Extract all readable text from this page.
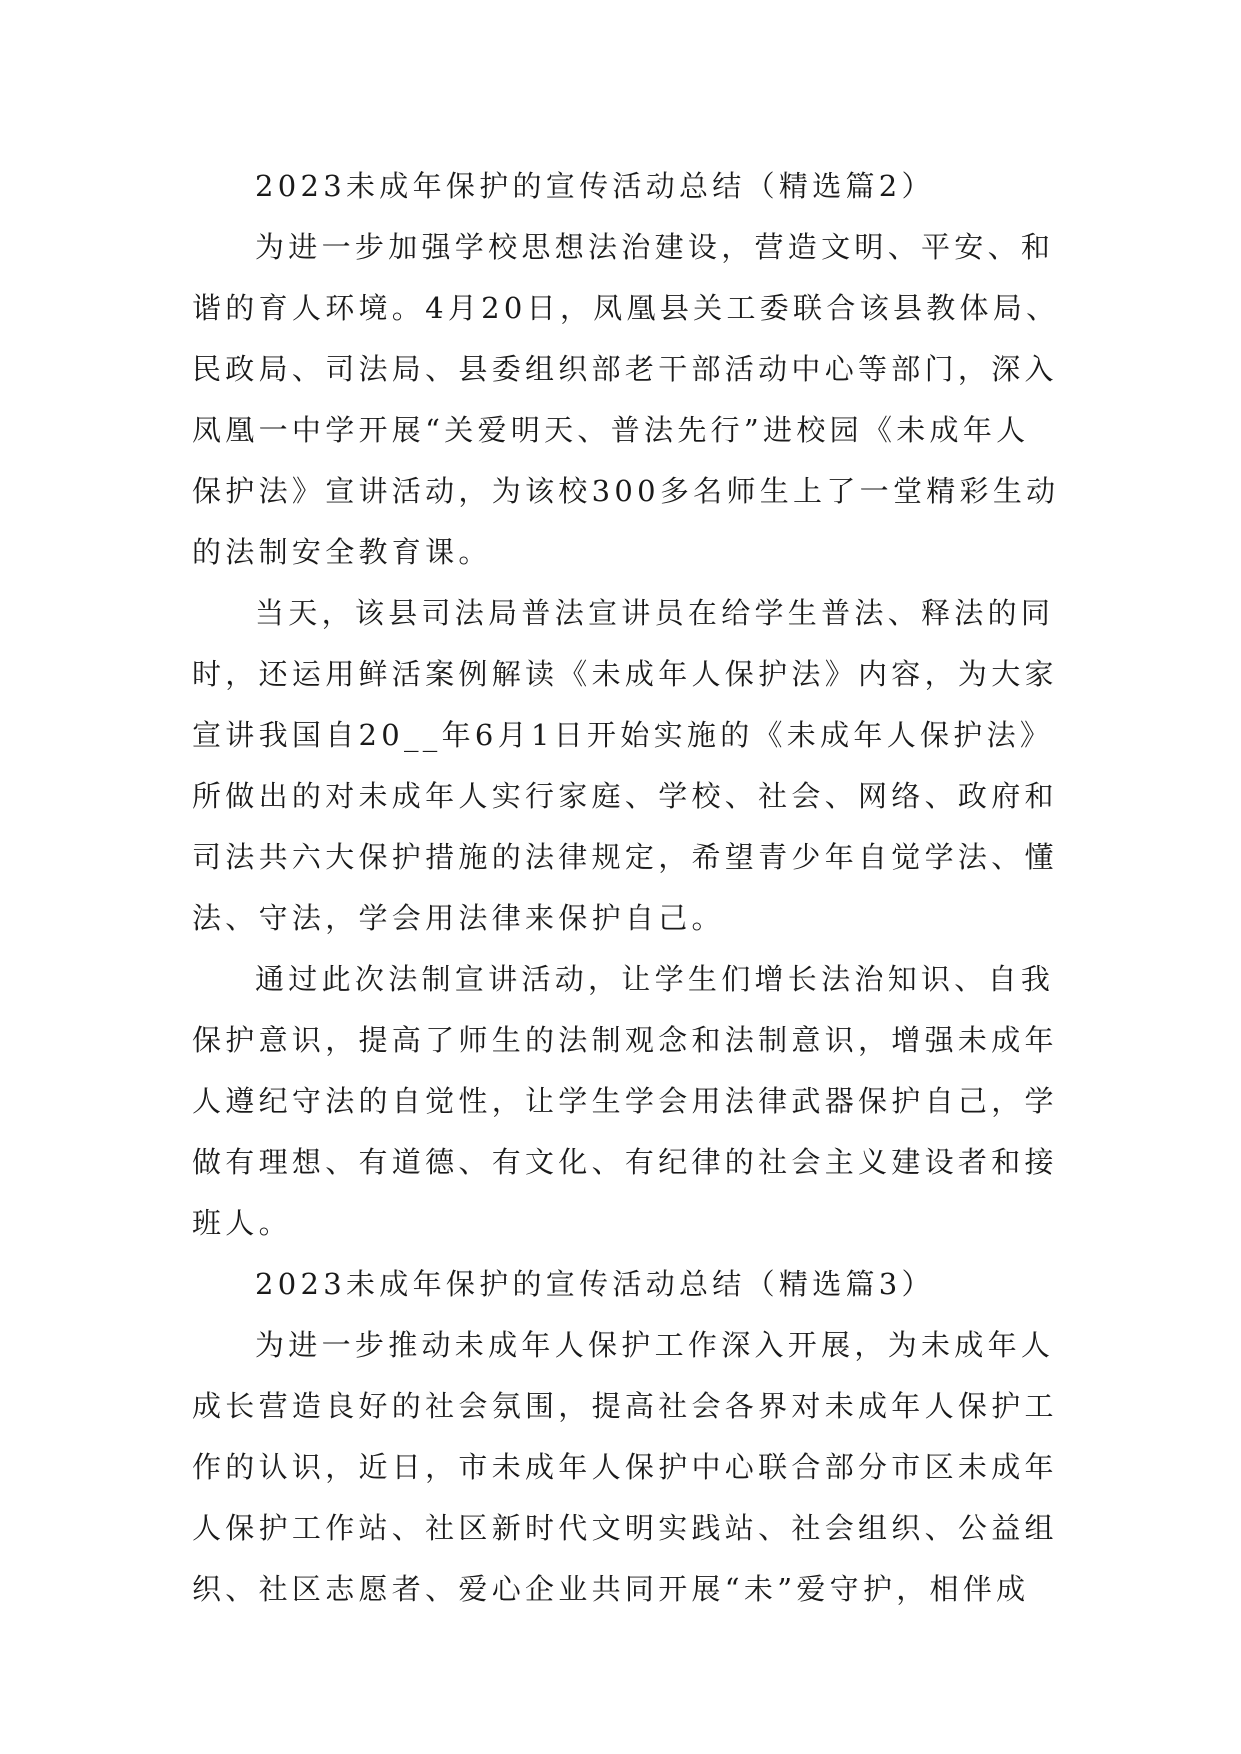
2023未成年保护的宣传活动总结（精选篇2）
为进一步加强学校思想法治建设，营造文明、平安、和
谐的育人环境。4月20日，凤凰县关工委联合该县教体局、
民政局、司法局、县委组织部老干部活动中心等部门，深入
凤凰一中学开展“关爱明天、普法先行”进校园《未成年人
保护法》宣讲活动，为该校300多名师生上了一堂精彩生动
的法制安全教育课。
当天，该县司法局普法宣讲员在给学生普法、释法的同
时，还运用鲜活案例解读《未成年人保护法》内容，为大家
宣讲我国自20__年6月1日开始实施的《未成年人保护法》
所做出的对未成年人实行家庭、学校、社会、网络、政府和
司法共六大保护措施的法律规定，希望青少年自觉学法、懂
法、守法，学会用法律来保护自己。
通过此次法制宣讲活动，让学生们增长法治知识、自我
保护意识，提高了师生的法制观念和法制意识，增强未成年
人遵纪守法的自觉性，让学生学会用法律武器保护自己，学
做有理想、有道德、有文化、有纪律的社会主义建设者和接
班人。
2023未成年保护的宣传活动总结（精选篇3）
为进一步推动未成年人保护工作深入开展，为未成年人
成长营造良好的社会氛围，提高社会各界对未成年人保护工
作的认识，近日，市未成年人保护中心联合部分市区未成年
人保护工作站、社区新时代文明实践站、社会组织、公益组
织、社区志愿者、爱心企业共同开展“未”爱守护，相伴成
